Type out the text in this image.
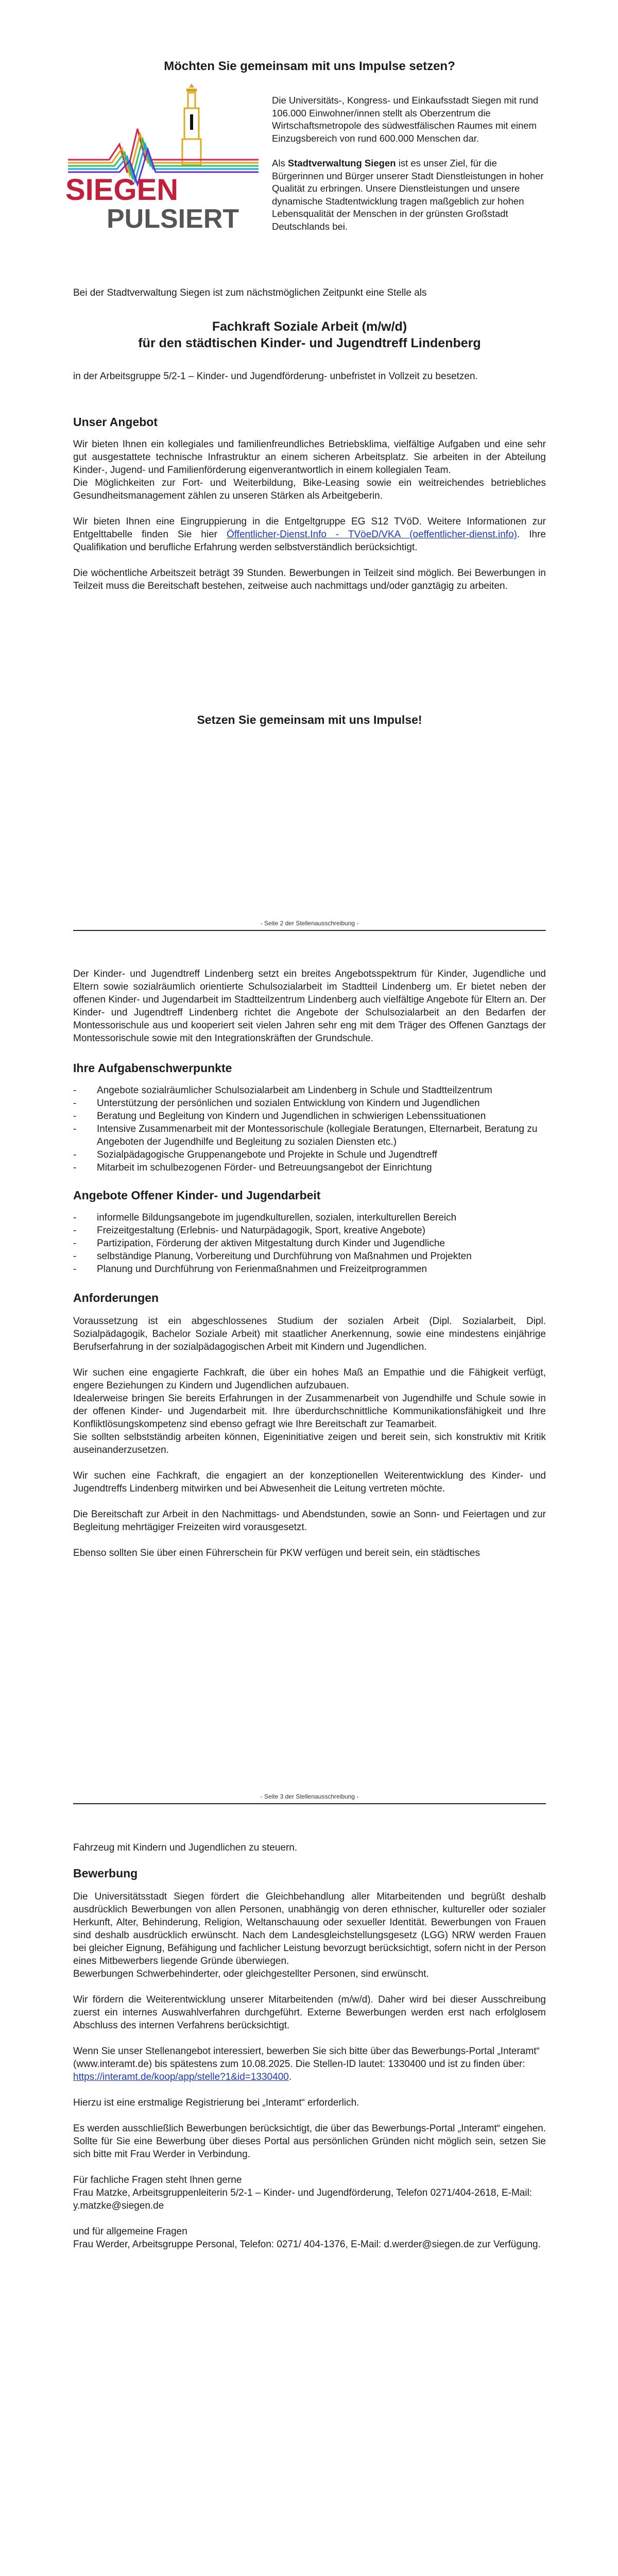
Möchten Sie gemeinsam mit uns Impulse setzen?
SIEGEN
PULSIERT

Die Universitäts-, Kongress- und Einkaufsstadt Siegen mit rund 106.000 Einwohner/innen stellt als Oberzentrum die Wirtschaftsmetropole des südwestfälischen Raumes mit einem Einzugsbereich von rund 600.000 Menschen dar.

Als Stadtverwaltung Siegen ist es unser Ziel, für die Bürgerinnen und Bürger unserer Stadt Dienstleistungen in hoher Qualität zu erbringen. Unsere Dienstleistungen und unsere dynamische Stadtentwicklung tragen maßgeblich zur hohen Lebensqualität der Menschen in der grünsten Großstadt Deutschlands bei.

Bei der Stadtverwaltung Siegen ist zum nächstmöglichen Zeitpunkt eine Stelle als

Fachkraft Soziale Arbeit (m/w/d)
für den städtischen Kinder- und Jugendtreff Lindenberg

in der Arbeitsgruppe 5/2-1 – Kinder- und Jugendförderung- unbefristet in Vollzeit zu besetzen.

Unser Angebot

Wir bieten Ihnen ein kollegiales und familienfreundliches Betriebsklima, vielfältige Aufgaben und eine sehr gut ausgestattete technische Infrastruktur an einem sicheren Arbeitsplatz. Sie arbeiten in der Abteilung Kinder-, Jugend- und Familienförderung eigenverantwortlich in einem kollegialen Team.

Die Möglichkeiten zur Fort- und Weiterbildung, Bike-Leasing sowie ein weitreichendes betriebliches Gesundheitsmanagement zählen zu unseren Stärken als Arbeitgeberin.

Wir bieten Ihnen eine Eingruppierung in die Entgeltgruppe EG S12 TVöD. Weitere Informationen zur Entgelttabelle finden Sie hier Öffentlicher-Dienst.Info - TVöeD/VKA (oeffentlicher-dienst.info). Ihre Qualifikation und berufliche Erfahrung werden selbstverständlich berücksichtigt.

Die wöchentliche Arbeitszeit beträgt 39 Stunden. Bewerbungen in Teilzeit sind möglich. Bei Bewerbungen in Teilzeit muss die Bereitschaft bestehen, zeitweise auch nachmittags und/oder ganztägig zu arbeiten.

Setzen Sie gemeinsam mit uns Impulse!
- Seite 2 der Stellenausschreibung -

Der Kinder- und Jugendtreff Lindenberg setzt ein breites Angebotsspektrum für Kinder, Jugendliche und Eltern sowie sozialräumlich orientierte Schulsozialarbeit im Stadtteil Lindenberg um. Er bietet neben der offenen Kinder- und Jugendarbeit im Stadtteilzentrum Lindenberg auch vielfältige Angebote für Eltern an. Der Kinder- und Jugendtreff Lindenberg richtet die Angebote der Schulsozialarbeit an den Bedarfen der Montessorischule aus und kooperiert seit vielen Jahren sehr eng mit dem Träger des Offenen Ganztags der Montessorischule sowie mit den Integrationskräften der Grundschule.

Ihre Aufgabenschwerpunkte
- Angebote sozialräumlicher Schulsozialarbeit am Lindenberg in Schule und Stadtteilzentrum
- Unterstützung der persönlichen und sozialen Entwicklung von Kindern und Jugendlichen
- Beratung und Begleitung von Kindern und Jugendlichen in schwierigen Lebenssituationen
- Intensive Zusammenarbeit mit der Montessorischule (kollegiale Beratungen, Elternarbeit, Beratung zu Angeboten der Jugendhilfe und Begleitung zu sozialen Diensten etc.)
- Sozialpädagogische Gruppenangebote und Projekte in Schule und Jugendtreff
- Mitarbeit im schulbezogenen Förder- und Betreuungsangebot der Einrichtung
Angebote Offener Kinder- und Jugendarbeit
- informelle Bildungsangebote im jugendkulturellen, sozialen, interkulturellen Bereich
- Freizeitgestaltung (Erlebnis- und Naturpädagogik, Sport, kreative Angebote)
- Partizipation, Förderung der aktiven Mitgestaltung durch Kinder und Jugendliche
- selbständige Planung, Vorbereitung und Durchführung von Maßnahmen und Projekten
- Planung und Durchführung von Ferienmaßnahmen und Freizeitprogrammen
Anforderungen

Voraussetzung ist ein abgeschlossenes Studium der sozialen Arbeit (Dipl. Sozialarbeit, Dipl. Sozialpädagogik, Bachelor Soziale Arbeit) mit staatlicher Anerkennung, sowie eine mindestens einjährige Berufserfahrung in der sozialpädagogischen Arbeit mit Kindern und Jugendlichen.

Wir suchen eine engagierte Fachkraft, die über ein hohes Maß an Empathie und die Fähigkeit verfügt, engere Beziehungen zu Kindern und Jugendlichen aufzubauen.

Idealerweise bringen Sie bereits Erfahrungen in der Zusammenarbeit von Jugendhilfe und Schule sowie in der offenen Kinder- und Jugendarbeit mit. Ihre überdurchschnittliche Kommunikationsfähigkeit und Ihre Konfliktlösungskompetenz sind ebenso gefragt wie Ihre Bereitschaft zur Teamarbeit.

Sie sollten selbstständig arbeiten können, Eigeninitiative zeigen und bereit sein, sich konstruktiv mit Kritik auseinanderzusetzen.

Wir suchen eine Fachkraft, die engagiert an der konzeptionellen Weiterentwicklung des Kinder- und Jugendtreffs Lindenberg mitwirken und bei Abwesenheit die Leitung vertreten möchte.

Die Bereitschaft zur Arbeit in den Nachmittags- und Abendstunden, sowie an Sonn- und Feiertagen und zur Begleitung mehrtägiger Freizeiten wird vorausgesetzt.

Ebenso sollten Sie über einen Führerschein für PKW verfügen und bereit sein, ein städtisches

- Seite 3 der Stellenausschreibung -

Fahrzeug mit Kindern und Jugendlichen zu steuern.

Bewerbung

Die Universitätsstadt Siegen fördert die Gleichbehandlung aller Mitarbeitenden und begrüßt deshalb ausdrücklich Bewerbungen von allen Personen, unabhängig von deren ethnischer, kultureller oder sozialer Herkunft, Alter, Behinderung, Religion, Weltanschauung oder sexueller Identität. Bewerbungen von Frauen sind deshalb ausdrücklich erwünscht. Nach dem Landesgleichstellungsgesetz (LGG) NRW werden Frauen bei gleicher Eignung, Befähigung und fachlicher Leistung bevorzugt berücksichtigt, sofern nicht in der Person eines Mitbewerbers liegende Gründe überwiegen.

Bewerbungen Schwerbehinderter, oder gleichgestellter Personen, sind erwünscht.

Wir fördern die Weiterentwicklung unserer Mitarbeitenden (m/w/d). Daher wird bei dieser Ausschreibung zuerst ein internes Auswahlverfahren durchgeführt. Externe Bewerbungen werden erst nach erfolglosem Abschluss des internen Verfahrens berücksichtigt.

Wenn Sie unser Stellenangebot interessiert, bewerben Sie sich bitte über das Bewerbungs-Portal „Interamt“ (www.interamt.de) bis spätestens zum 10.08.2025. Die Stellen-ID lautet: 1330400 und ist zu finden über:
https://interamt.de/koop/app/stelle?1&id=1330400.

Hierzu ist eine erstmalige Registrierung bei „Interamt“ erforderlich.

Es werden ausschließlich Bewerbungen berücksichtigt, die über das Bewerbungs-Portal „Interamt“ eingehen. Sollte für Sie eine Bewerbung über dieses Portal aus persönlichen Gründen nicht möglich sein, setzen Sie sich bitte mit Frau Werder in Verbindung.

Für fachliche Fragen steht Ihnen gerne

Frau Matzke, Arbeitsgruppenleiterin 5/2-1 – Kinder- und Jugendförderung, Telefon 0271/404-2618, E-Mail: y.matzke@siegen.de

und für allgemeine Fragen

Frau Werder, Arbeitsgruppe Personal, Telefon: 0271/ 404-1376, E-Mail: d.werder@siegen.de zur Verfügung.
